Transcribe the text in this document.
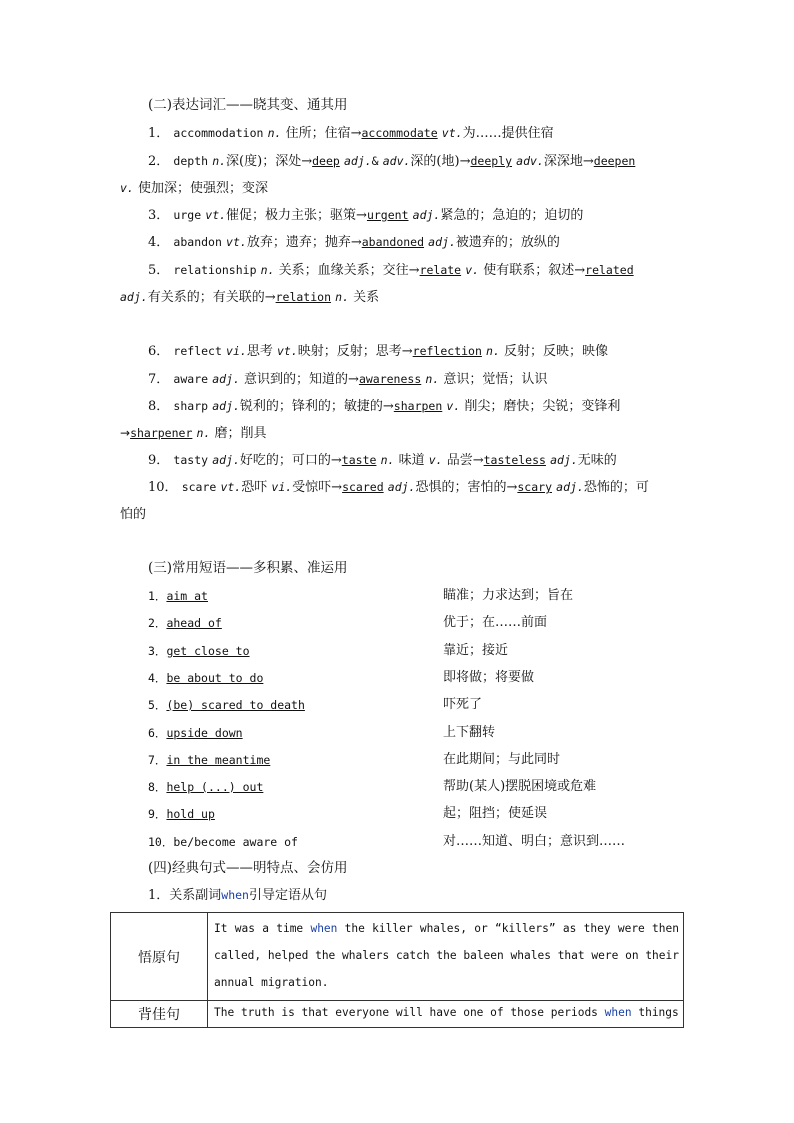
(二)表达词汇——晓其变、通其用
1． accommodation n. 住所；住宿→accommodate vt.为……提供住宿
2． depth n.深(度)；深处→deep adj.& adv.深的(地)→deeply adv.深深地→deepen
v. 使加深；使强烈；变深
3． urge vt.催促；极力主张；驱策→urgent adj.紧急的；急迫的；迫切的
4． abandon vt.放弃；遗弃；抛弃→abandoned adj.被遗弃的；放纵的
5． relationship n. 关系；血缘关系；交往→relate v. 使有联系；叙述→related
adj.有关系的；有关联的→relation n. 关系
6． reflect vi.思考 vt.映射；反射；思考→reflection n. 反射；反映；映像
7． aware adj. 意识到的；知道的→awareness n. 意识；觉悟；认识
8． sharp adj.锐利的；锋利的；敏捷的→sharpen v. 削尖；磨快；尖锐；变锋利
→sharpener n. 磨；削具
9． tasty adj.好吃的；可口的→taste n. 味道 v. 品尝→tasteless adj.无味的
10． scare vt.恐吓 vi.受惊吓→scared adj.恐惧的；害怕的→scary adj.恐怖的；可
怕的
(三)常用短语——多积累、准运用
1．aim at	瞄准；力求达到；旨在
2．ahead of	优于；在……前面
3．get close to	靠近；接近
4．be about to do	即将做；将要做
5．(be) scared to death	吓死了
6．upside down	上下翻转
7．in the meantime	在此期间；与此同时
8．help (...) out	帮助(某人)摆脱困境或危难
9．hold up	起；阻挡；使延误
10．be/become aware of	对……知道、明白；意识到……
(四)经典句式——明特点、会仿用
1．关系副词when引导定语从句
悟原句	It was a time when the killer whales, or “killers” as they were then called, helped the whalers catch the baleen whales that were on their annual migration.
背佳句	The truth is that everyone will have one of those periods when things
